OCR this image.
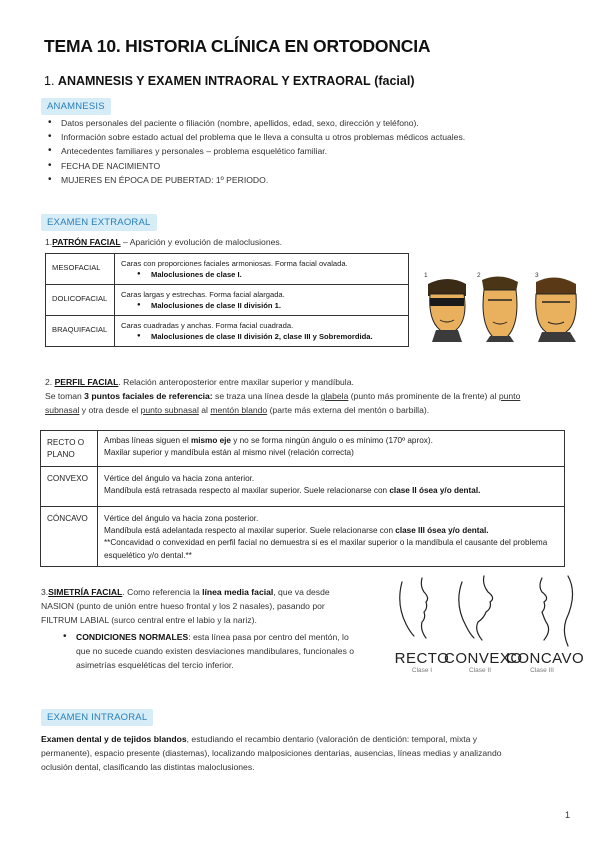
TEMA 10. HISTORIA CLÍNICA EN ORTODONCIA
1. ANAMNESIS Y EXAMEN INTRAORAL Y EXTRAORAL (facial)
ANAMNESIS
• Datos personales del paciente o filiación (nombre, apellidos, edad, sexo, dirección y teléfono).
• Información sobre estado actual del problema que le lleva a consulta u otros problemas médicos actuales.
• Antecedentes familiares y personales – problema esquelético familiar.
• FECHA DE NACIMIENTO
• MUJERES EN ÉPOCA DE PUBERTAD: 1º PERIODO.
EXAMEN EXTRAORAL
1.PATRÓN FACIAL – Aparición y evolución de maloclusiones.
MESOFACIAL	Caras con proporciones faciales armoniosas. Forma facial ovalada.
● Maloclusiones de clase I.

DOLICOFACIAL	Caras largas y estrechas. Forma facial alargada.
● Maloclusiones de clase II división 1.

BRAQUIFACIAL	Caras cuadradas y anchas. Forma facial cuadrada.
● Maloclusiones de clase II división 2, clase III y Sobremordida.
1	2	3
2. PERFIL FACIAL. Relación anteroposterior entre maxilar superior y mandíbula.
Se toman 3 puntos faciales de referencia: se traza una línea desde la glabela (punto más prominente de la frente) al punto
subnasal y otra desde el punto subnasal al mentón blando (parte más externa del mentón o barbilla).
RECTO O PLANO	Ambas líneas siguen el mismo eje y no se forma ningún ángulo o es mínimo (170º aprox).
Maxilar superior y mandíbula están al mismo nivel (relación correcta)

CONVEXO	Vértice del ángulo va hacia zona anterior.
Mandíbula está retrasada respecto al maxilar superior. Suele relacionarse con clase II ósea y/o dental.

CÓNCAVO	Vértice del ángulo va hacia zona posterior.
Mandíbula está adelantada respecto al maxilar superior. Suele relacionarse con clase III ósea y/o dental.
**Concavidad o convexidad en perfil facial no demuestra si es el maxilar superior o la mandíbula el causante del problema esquelético y/o dental.**
3.SIMETRÍA FACIAL. Como referencia la línea media facial, que va desde
NASION (punto de unión entre hueso frontal y los 2 nasales), pasando por
FILTRUM LABIAL (surco central entre el labio y la nariz).
• CONDICIONES NORMALES: esta línea pasa por centro del mentón, lo
que no sucede cuando existen desviaciones mandibulares, funcionales o
asimetrías esqueléticas del tercio inferior.	RECTO
Clase I
CONVEXO
Clase II
CONCAVO
Clase III
EXAMEN INTRAORAL
Examen dental y de tejidos blandos, estudiando el recambio dentario (valoración de dentición: temporal, mixta y
permanente), espacio presente (diastemas), localizando malposiciones dentarias, ausencias, líneas medias y analizando
oclusión dental, clasificando las distintas maloclusiones.
1
